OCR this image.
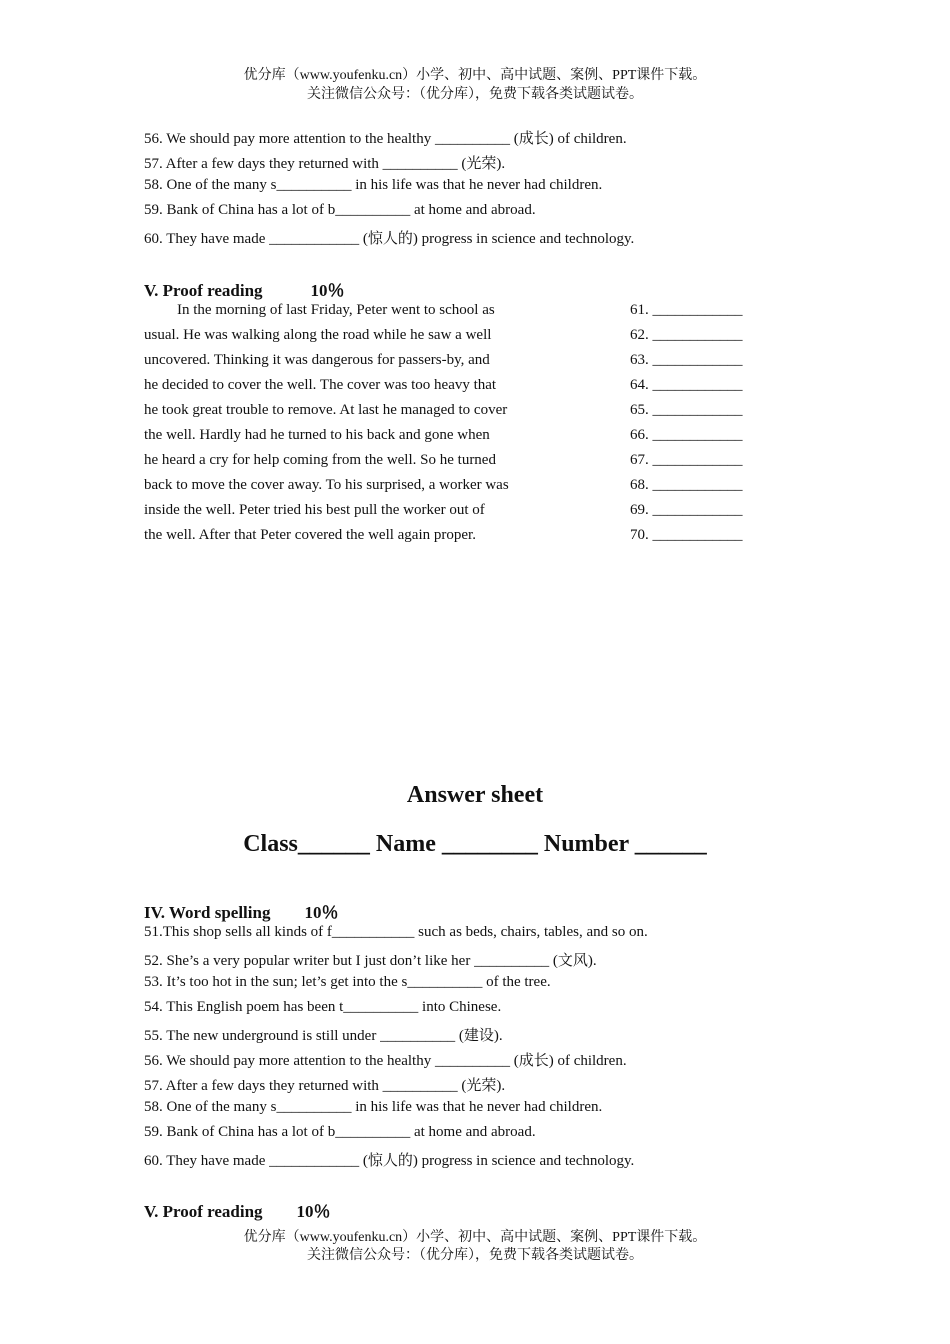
优分库（www.youfenku.cn）小学、初中、高中试题、案例、PPT课件下载。
关注微信公众号：（优分库），免费下载各类试题试卷。
56. We should pay more attention to the healthy __________ (成长) of children.
57. After a few days they returned with __________ (光荣).
58. One of the many s__________ in his life was that he never had children.
59. Bank of China has a lot of b__________ at home and abroad.
60. They have made ____________ (惊人的) progress in science and technology.
V. Proof reading	10％
In the morning of last Friday, Peter went to school as
usual. He was walking along the road while he saw a well
uncovered. Thinking it was dangerous for passers-by, and
he decided to cover the well. The cover was too heavy that
he took great trouble to remove. At last he managed to cover
the well. Hardly had he turned to his back and gone when
he heard a cry for help coming from the well. So he turned
back to move the cover away. To his surprised, a worker was
inside the well. Peter tried his best pull the worker out of
the well. After that Peter covered the well again proper.
61. ____________
62. ____________
63. ____________
64. ____________
65. ____________
66. ____________
67. ____________
68. ____________
69. ____________
70. ____________
Answer sheet
Class______ Name ________ Number ______
IV. Word spelling 10％
51.This shop sells all kinds of f___________ such as beds, chairs, tables, and so on.
52. She’s a very popular writer but I just don’t like her __________ (文风).
53. It’s too hot in the sun; let’s get into the s__________ of the tree.
54. This English poem has been t__________ into Chinese.
55. The new underground is still under __________ (建设).
56. We should pay more attention to the healthy __________ (成长) of children.
57. After a few days they returned with __________ (光荣).
58. One of the many s__________ in his life was that he never had children.
59. Bank of China has a lot of b__________ at home and abroad.
60. They have made ____________ (惊人的) progress in science and technology.
V. Proof reading 10％
优分库（www.youfenku.cn）小学、初中、高中试题、案例、PPT课件下载。
关注微信公众号：（优分库），免费下载各类试题试卷。
